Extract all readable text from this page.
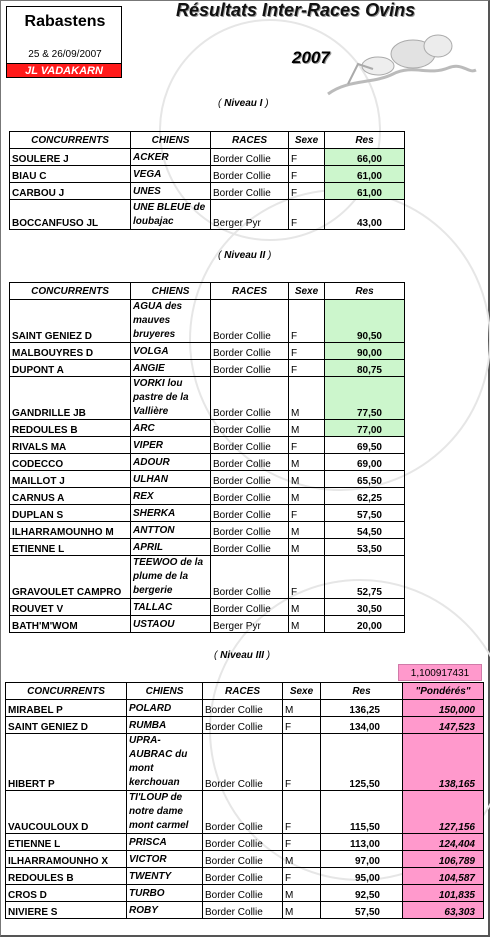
Rabastens
25 & 26/09/2007
JL VADAKARN
Résultats Inter-Races Ovins
2007
( Niveau I )
CONCURRENTS	CHIENS	RACES	Sexe	Res
SOULERE J	ACKER	Border Collie	F	66,00
BIAU C	VEGA	Border Collie	F	61,00
CARBOU J	UNES	Border Collie	F	61,00
BOCCANFUSO JL	UNE BLEUE de loubajac	Berger Pyr	F	43,00
( Niveau II )
CONCURRENTS	CHIENS	RACES	Sexe	Res
SAINT GENIEZ D	AGUA des mauves bruyeres	Border Collie	F	90,50
MALBOUYRES D	VOLGA	Border Collie	F	90,00
DUPONT A	ANGIE	Border Collie	F	80,75
GANDRILLE JB	VORKI lou pastre de la Vallière	Border Collie	M	77,50
REDOULES B	ARC	Border Collie	M	77,00
RIVALS MA	VIPER	Border Collie	F	69,50
CODECCO	ADOUR	Border Collie	M	69,00
MAILLOT J	ULHAN	Border Collie	M	65,50
CARNUS A	REX	Border Collie	M	62,25
DUPLAN S	SHERKA	Border Collie	F	57,50
ILHARRAMOUNHO M	ANTTON	Border Collie	M	54,50
ETIENNE L	APRIL	Border Collie	M	53,50
GRAVOULET CAMPRO	TEEWOO de la plume de la bergerie	Border Collie	F	52,75
ROUVET V	TALLAC	Border Collie	M	30,50
BATH'M'WOM	USTAOU	Berger Pyr	M	20,00
( Niveau III )
1,100917431
CONCURRENTS	CHIENS	RACES	Sexe	Res	"Pondérés"
MIRABEL P	POLARD	Border Collie	M	136,25	150,000
SAINT GENIEZ D	RUMBA	Border Collie	F	134,00	147,523
HIBERT P	UPRA-AUBRAC du mont kerchouan	Border Collie	F	125,50	138,165
VAUCOULOUX D	TI'LOUP de notre dame mont carmel	Border Collie	F	115,50	127,156
ETIENNE L	PRISCA	Border Collie	F	113,00	124,404
ILHARRAMOUNHO X	VICTOR	Border Collie	M	97,00	106,789
REDOULES B	TWENTY	Border Collie	F	95,00	104,587
CROS D	TURBO	Border Collie	M	92,50	101,835
NIVIERE S	ROBY	Border Collie	M	57,50	63,303
